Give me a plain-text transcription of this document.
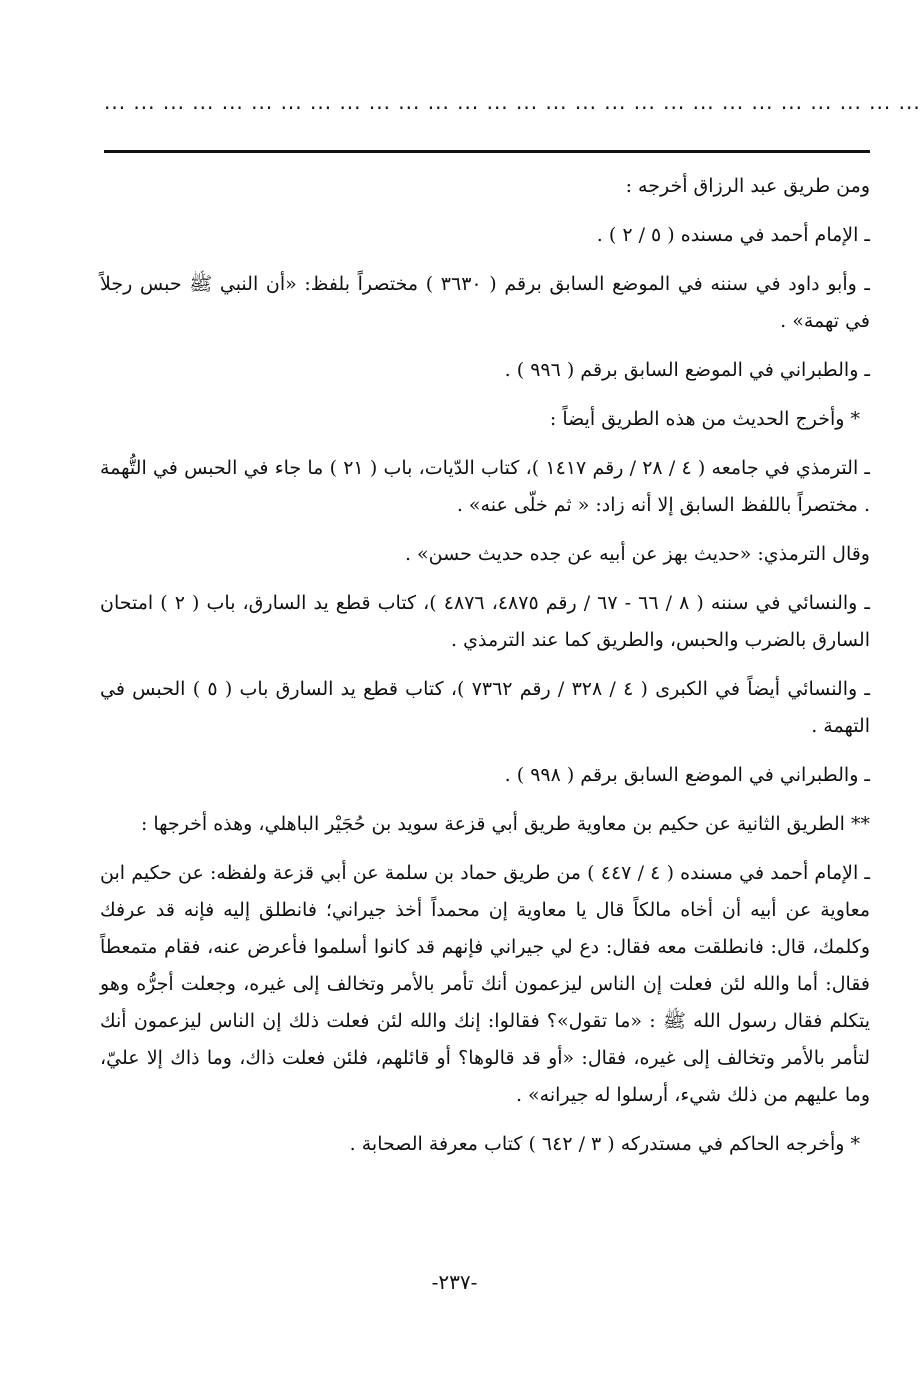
... ... ... ... ... ... ... ... ... ... ... ... ... ... ... ... ... ... ... ... ... ... ... ... ... ... ... ...

ومن طريق عبد الرزاق أخرجه :

ـ الإمام أحمد في مسنده ( ٥ / ٢ ) .

ـ وأبو داود في سننه في الموضع السابق برقم ( ٣٦٣٠ ) مختصراً بلفظ: «أن النبي ﷺ حبس رجلاً في تهمة» .

ـ والطبراني في الموضع السابق برقم ( ٩٩٦ ) .

* وأخرج الحديث من هذه الطريق أيضاً :

ـ الترمذي في جامعه ( ٤ / ٢٨ / رقم ١٤١٧ )، كتاب الدّيات، باب ( ٢١ ) ما جاء في الحبس في التُّهمة . مختصراً باللفظ السابق إلا أنه زاد: « ثم خلّى عنه» .

وقال الترمذي: «حديث بهز عن أبيه عن جده حديث حسن» .

ـ والنسائي في سننه ( ٨ / ٦٦ - ٦٧ / رقم ٤٨٧٥، ٤٨٧٦ )، كتاب قطع يد السارق، باب ( ٢ ) امتحان السارق بالضرب والحبس، والطريق كما عند الترمذي .

ـ والنسائي أيضاً في الكبرى ( ٤ / ٣٢٨ / رقم ٧٣٦٢ )، كتاب قطع يد السارق باب ( ٥ ) الحبس في التهمة .

ـ والطبراني في الموضع السابق برقم ( ٩٩٨ ) .

** الطريق الثانية عن حكيم بن معاوية طريق أبي قزعة سويد بن حُجَيْر الباهلي، وهذه أخرجها :

ـ الإمام أحمد في مسنده ( ٤ / ٤٤٧ ) من طريق حماد بن سلمة عن أبي قزعة ولفظه: عن حكيم ابن معاوية عن أبيه أن أخاه مالكاً قال يا معاوية إن محمداً أخذ جيراني؛ فانطلق إليه فإنه قد عرفك وكلمك، قال: فانطلقت معه فقال: دع لي جيراني فإنهم قد كانوا أسلموا فأعرض عنه، فقام متمعطاً فقال: أما والله لئن فعلت إن الناس ليزعمون أنك تأمر بالأمر وتخالف إلى غيره، وجعلت أجرُّه وهو يتكلم فقال رسول الله ﷺ : «ما تقول»؟ فقالوا: إنك والله لئن فعلت ذلك إن الناس ليزعمون أنك لتأمر بالأمر وتخالف إلى غيره، فقال: «أو قد قالوها؟ أو قائلهم، فلئن فعلت ذاك، وما ذاك إلا عليّ، وما عليهم من ذلك شيء، أرسلوا له جيرانه» .

* وأخرجه الحاكم في مستدركه ( ٣ / ٦٤٢ ) كتاب معرفة الصحابة .

-٢٣٧-
